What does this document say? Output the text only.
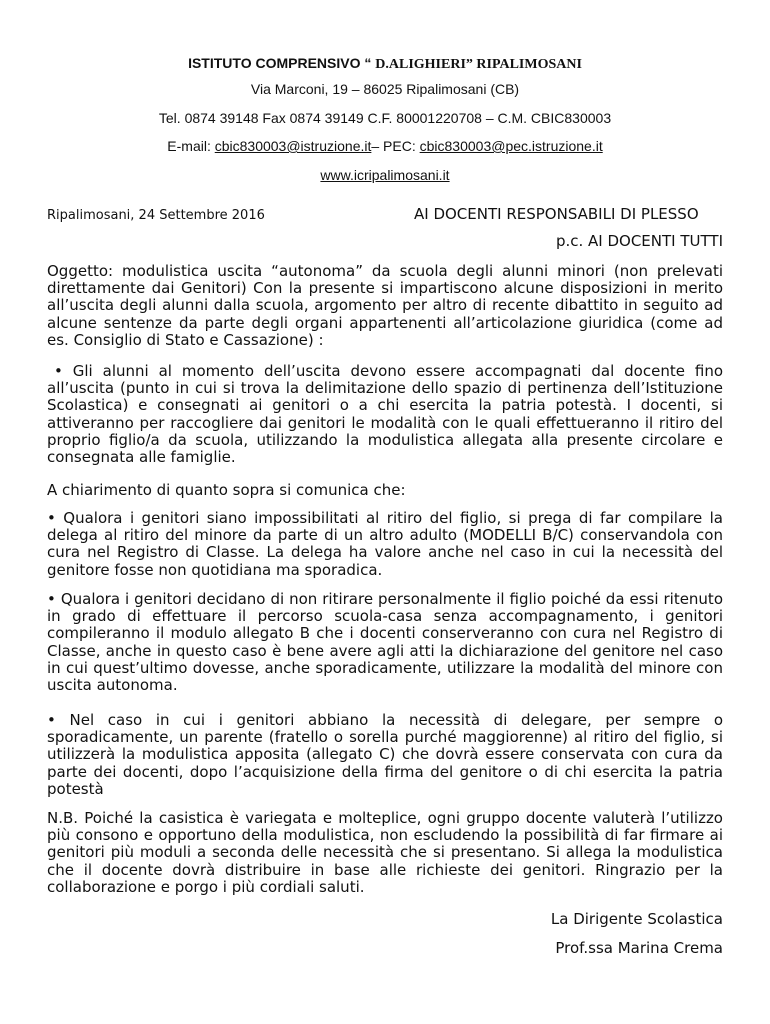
ISTITUTO COMPRENSIVO “ D.ALIGHIERI” RIPALIMOSANI
Via Marconi, 19 – 86025 Ripalimosani (CB)
Tel. 0874 39148 Fax 0874 39149 C.F. 80001220708 – C.M. CBIC830003
E-mail: cbic830003@istruzione.it– PEC: cbic830003@pec.istruzione.it
www.icripalimosani.it
Ripalimosani, 24 Settembre 2016	AI DOCENTI RESPONSABILI DI PLESSO
p.c. AI DOCENTI TUTTI
Oggetto: modulistica uscita “autonoma” da scuola degli alunni minori (non prelevati direttamente dai Genitori) Con la presente si impartiscono alcune disposizioni in merito all’uscita degli alunni dalla scuola, argomento per altro di recente dibattito in seguito ad alcune sentenze da parte degli organi appartenenti all’articolazione giuridica (come ad es. Consiglio di Stato e Cassazione) :
• Gli alunni al momento dell’uscita devono essere accompagnati dal docente fino all’uscita (punto in cui si trova la delimitazione dello spazio di pertinenza dell’Istituzione Scolastica) e consegnati ai genitori o a chi esercita la patria potestà. I docenti, si attiveranno per raccogliere dai genitori le modalità con le quali effettueranno il ritiro del proprio figlio/a da scuola, utilizzando la modulistica allegata alla presente circolare e consegnata alle famiglie.
A chiarimento di quanto sopra si comunica che:
• Qualora i genitori siano impossibilitati al ritiro del figlio, si prega di far compilare la delega al ritiro del minore da parte di un altro adulto (MODELLI B/C) conservandola con cura nel Registro di Classe. La delega ha valore anche nel caso in cui la necessità del genitore fosse non quotidiana ma sporadica.
• Qualora i genitori decidano di non ritirare personalmente il figlio poiché da essi ritenuto in grado di effettuare il percorso scuola-casa senza accompagnamento, i genitori compileranno il modulo allegato B che i docenti conserveranno con cura nel Registro di Classe, anche in questo caso è bene avere agli atti la dichiarazione del genitore nel caso in cui quest’ultimo dovesse, anche sporadicamente, utilizzare la modalità del minore con uscita autonoma.
• Nel caso in cui i genitori abbiano la necessità di delegare, per sempre o sporadicamente, un parente (fratello o sorella purché maggiorenne) al ritiro del figlio, si utilizzerà la modulistica apposita (allegato C) che dovrà essere conservata con cura da parte dei docenti, dopo l’acquisizione della firma del genitore o di chi esercita la patria potestà
N.B. Poiché la casistica è variegata e molteplice, ogni gruppo docente valuterà l’utilizzo più consono e opportuno della modulistica, non escludendo la possibilità di far firmare ai genitori più moduli a seconda delle necessità che si presentano. Si allega la modulistica che il docente dovrà distribuire in base alle richieste dei genitori. Ringrazio per la collaborazione e porgo i più cordiali saluti.
La Dirigente Scolastica
Prof.ssa Marina Crema
